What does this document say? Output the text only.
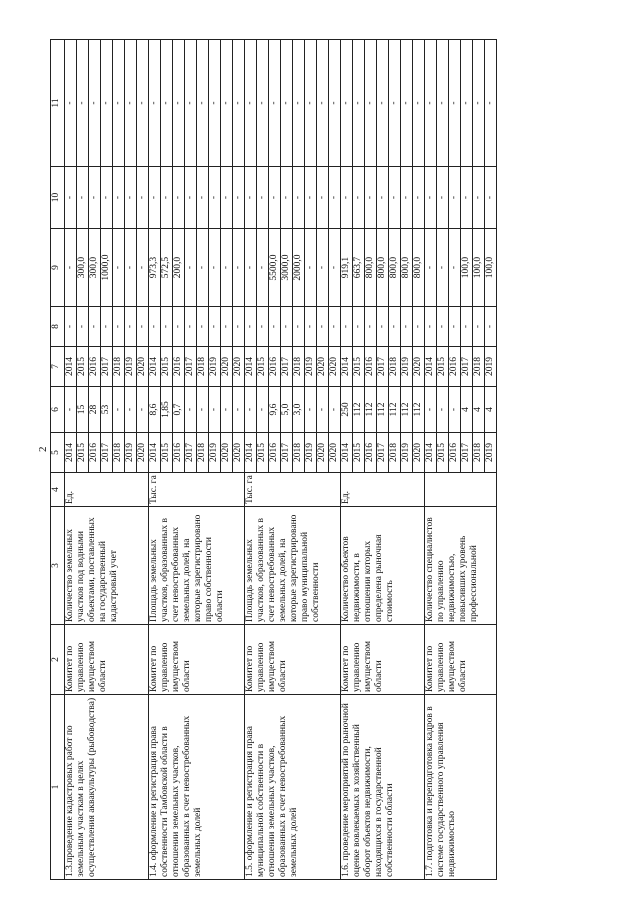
2
1	2	3	4	5	6	7	8	9	10	11
1.3.проведение кадастровых работ по земельным участкам в целях осуществления аквакультуры (рыбоводства)	Комитет по управлению имуществом области	Количество земельных участков под водными объектами, поставленных на государственный кадастровый учет	Ед.	2014	-	2014	-	-	-	-
				2015	15	2015	-	300,0	-	-
				2016	28	2016	-	300,0	-	-
				2017	53	2017	-	1000,0	-	-
				2018	-	2018	-	-	-	-
				2019	-	2019	-	-	-	-
				2020	-	2020	-	-	-	-
1.4. оформление и регистрация права собственности Тамбовской области в отношении земельных участков, образованных в счет невостребованных земельных долей	Комитет по управлению имуществом области	Площадь земельных участков, образованных в счет невостребованных земельных долей, на которые зарегистрировано право собственности области	Тыс. га	2014	8,6	2014	-	973,3	-	-
				2015	1,85	2015	-	572,5	-	-
				2016	0,7	2016	-	200,0	-	-
				2017	-	2017	-	-	-	-
				2018	-	2018	-	-	-	-
				2019	-	2019	-	-	-	-
				2020	-	2020	-	-	-	-
				2020	-	2020	-	-	-	-
1.5. оформление и регистрация права муниципальной собственности в отношении земельных участков, образованных в счет невостребованных земельных долей	Комитет по управлению имуществом области	Площадь земельных участков, образованных в счет невостребованных земельных долей, на которые зарегистрировано право муниципальной собственности	Тыс. га	2014	-	2014	-	-	-	-
				2015	-	2015	-	-	-	-
				2016	9,6	2016	-	5500,0	-	-
				2017	5,0	2017	-	3000,0	-	-
				2018	3,0	2018	-	2000,0	-	-
				2019	-	2019	-	-	-	-
				2020	-	2020	-	-	-	-
				2020	-	2020	-	-	-	-
1.6. проведение мероприятий по рыночной оценке вовлекаемых в хозяйственный оборот объектов недвижимости, находящихся в государственной собственности области	Комитет по управлению имуществом области	Количество объектов недвижимости, в отношении которых определена рыночная стоимость	Ед.	2014	250	2014	-	919,1	-	-
				2015	112	2015	-	663,7	-	-
				2016	112	2016	-	800,0	-	-
				2017	112	2017	-	800,0	-	-
				2018	112	2018	-	800,0	-	-
				2019	112	2019	-	800,0	-	-
				2020	112	2020	-	800,0	-	-
1.7. подготовка и переподготовка кадров в системе государственного управления недвижимостью	Комитет по управлению имуществом области	Количество специалистов по управлению недвижимостью, повысивших уровень профессиональной		2014	-	2014	-	-	-	-
				2015	-	2015	-	-	-	-
				2016	-	2016	-	-	-	-
				2017	4	2017	-	100,0	-	-
				2018	4	2018	-	100,0	-	-
				2019	4	2019	-	100,0	-	-
